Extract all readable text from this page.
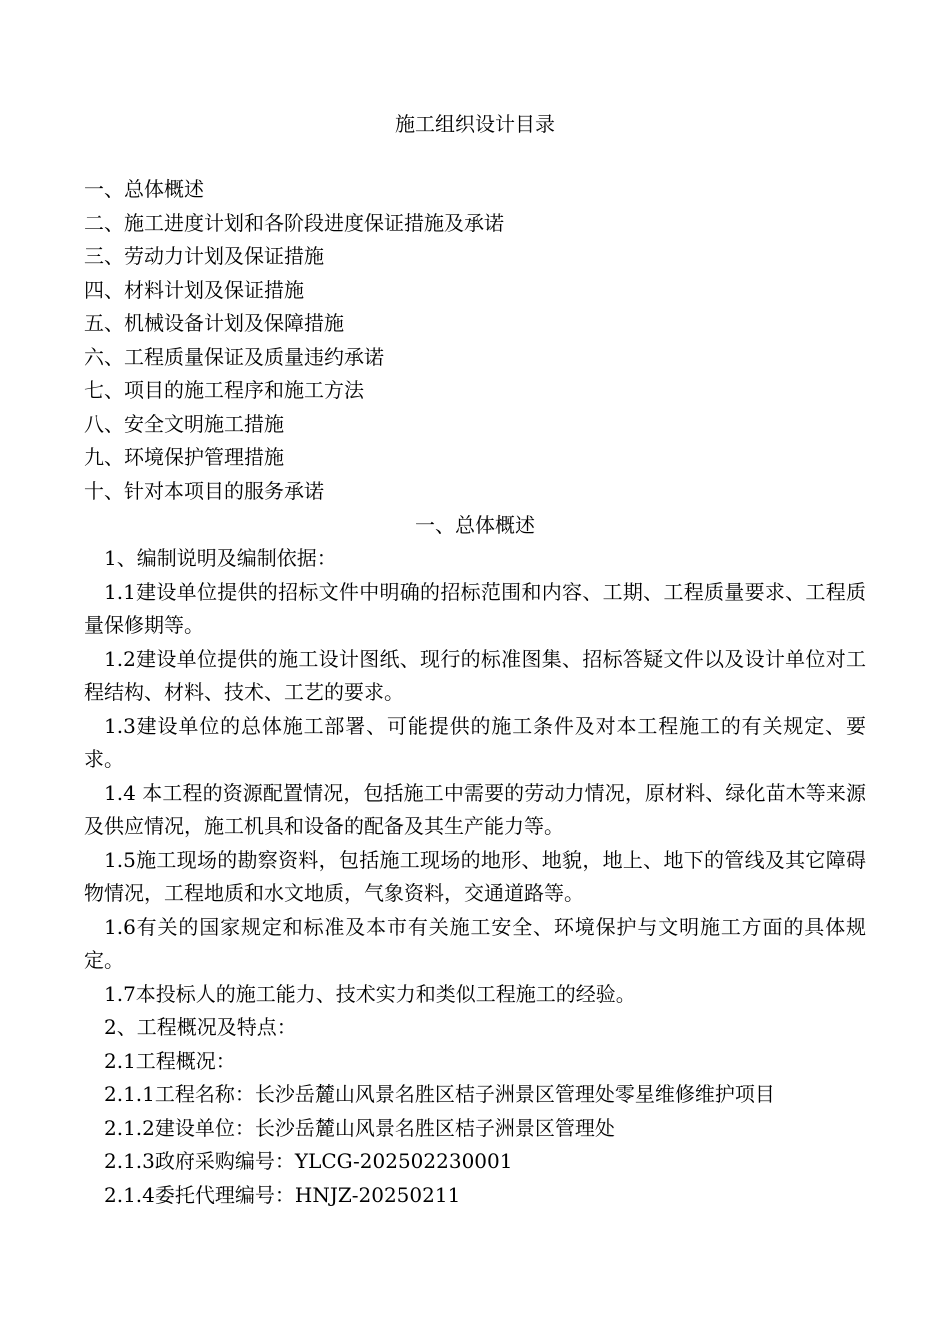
施工组织设计目录
一、总体概述
二、施工进度计划和各阶段进度保证措施及承诺
三、劳动力计划及保证措施
四、材料计划及保证措施
五、机械设备计划及保障措施
六、工程质量保证及质量违约承诺
七、项目的施工程序和施工方法
八、安全文明施工措施
九、环境保护管理措施
十、针对本项目的服务承诺
一、总体概述

1、编制说明及编制依据：

1.1建设单位提供的招标文件中明确的招标范围和内容、工期、工程质量要求、工程质量保修期等。

1.2建设单位提供的施工设计图纸、现行的标准图集、招标答疑文件以及设计单位对工程结构、材料、技术、工艺的要求。

1.3建设单位的总体施工部署、可能提供的施工条件及对本工程施工的有关规定、要求。

1.4 本工程的资源配置情况，包括施工中需要的劳动力情况，原材料、绿化苗木等来源及供应情况，施工机具和设备的配备及其生产能力等。

1.5施工现场的勘察资料，包括施工现场的地形、地貌，地上、地下的管线及其它障碍物情况，工程地质和水文地质，气象资料，交通道路等。

1.6有关的国家规定和标准及本市有关施工安全、环境保护与文明施工方面的具体规定。

1.7本投标人的施工能力、技术实力和类似工程施工的经验。

2、工程概况及特点：

2.1工程概况：

2.1.1工程名称：长沙岳麓山风景名胜区桔子洲景区管理处零星维修维护项目

2.1.2建设单位：长沙岳麓山风景名胜区桔子洲景区管理处

2.1.3政府采购编号：YLCG-202502230001

2.1.4委托代理编号：HNJZ-20250211
